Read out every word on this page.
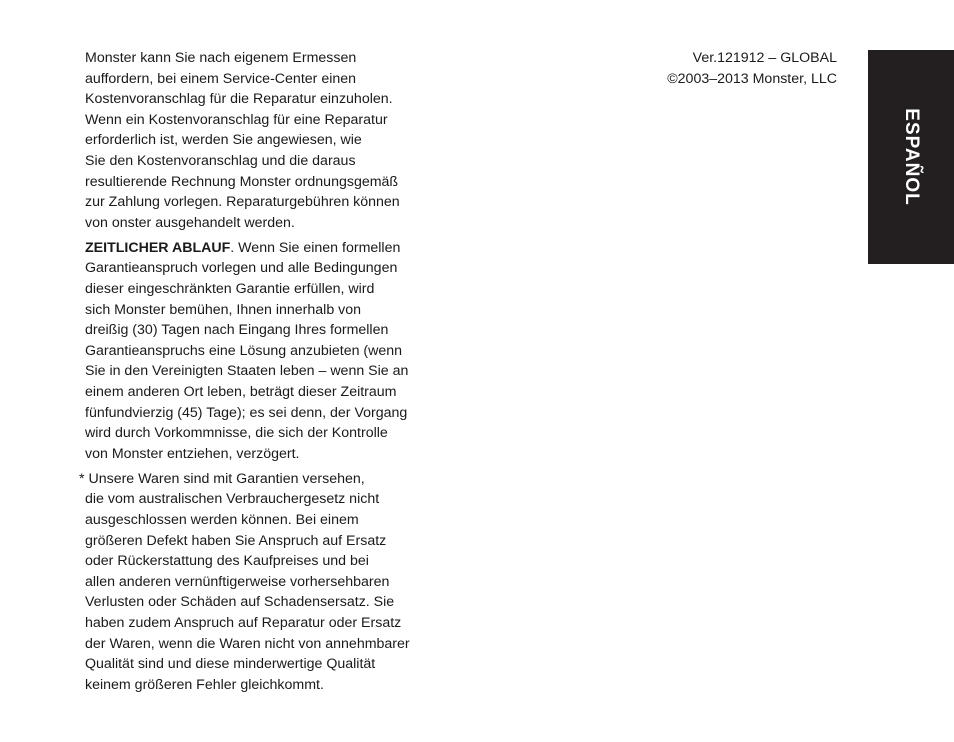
Monster kann Sie nach eigenem Ermessen
auffordern, bei einem Service-Center einen
Kostenvoranschlag für die Reparatur einzuholen.
Wenn ein Kostenvoranschlag für eine Reparatur
erforderlich ist, werden Sie angewiesen, wie
Sie den Kostenvoranschlag und die daraus
resultierende Rechnung Monster ordnungsgemäß
zur Zahlung vorlegen. Reparaturgebühren können
von onster ausgehandelt werden.
ZEITLICHER ABLAUF. Wenn Sie einen formellen
Garantieanspruch vorlegen und alle Bedingungen
dieser eingeschränkten Garantie erfüllen, wird
sich Monster bemühen, Ihnen innerhalb von
dreißig (30) Tagen nach Eingang Ihres formellen
Garantieanspruchs eine Lösung anzubieten (wenn
Sie in den Vereinigten Staaten leben – wenn Sie an
einem anderen Ort leben, beträgt dieser Zeitraum
fünfundvierzig (45) Tage); es sei denn, der Vorgang
wird durch Vorkommnisse, die sich der Kontrolle
von Monster entziehen, verzögert.
* Unsere Waren sind mit Garantien versehen,
die vom australischen Verbrauchergesetz nicht
ausgeschlossen werden können. Bei einem
größeren Defekt haben Sie Anspruch auf Ersatz
oder Rückerstattung des Kaufpreises und bei
allen anderen vernünftigerweise vorhersehbaren
Verlusten oder Schäden auf Schadensersatz. Sie
haben zudem Anspruch auf Reparatur oder Ersatz
der Waren, wenn die Waren nicht von annehmbarer
Qualität sind und diese minderwertige Qualität
keinem größeren Fehler gleichkommt.
Ver.121912 – GLOBAL
©2003–2013 Monster, LLC
ESPAÑOL
